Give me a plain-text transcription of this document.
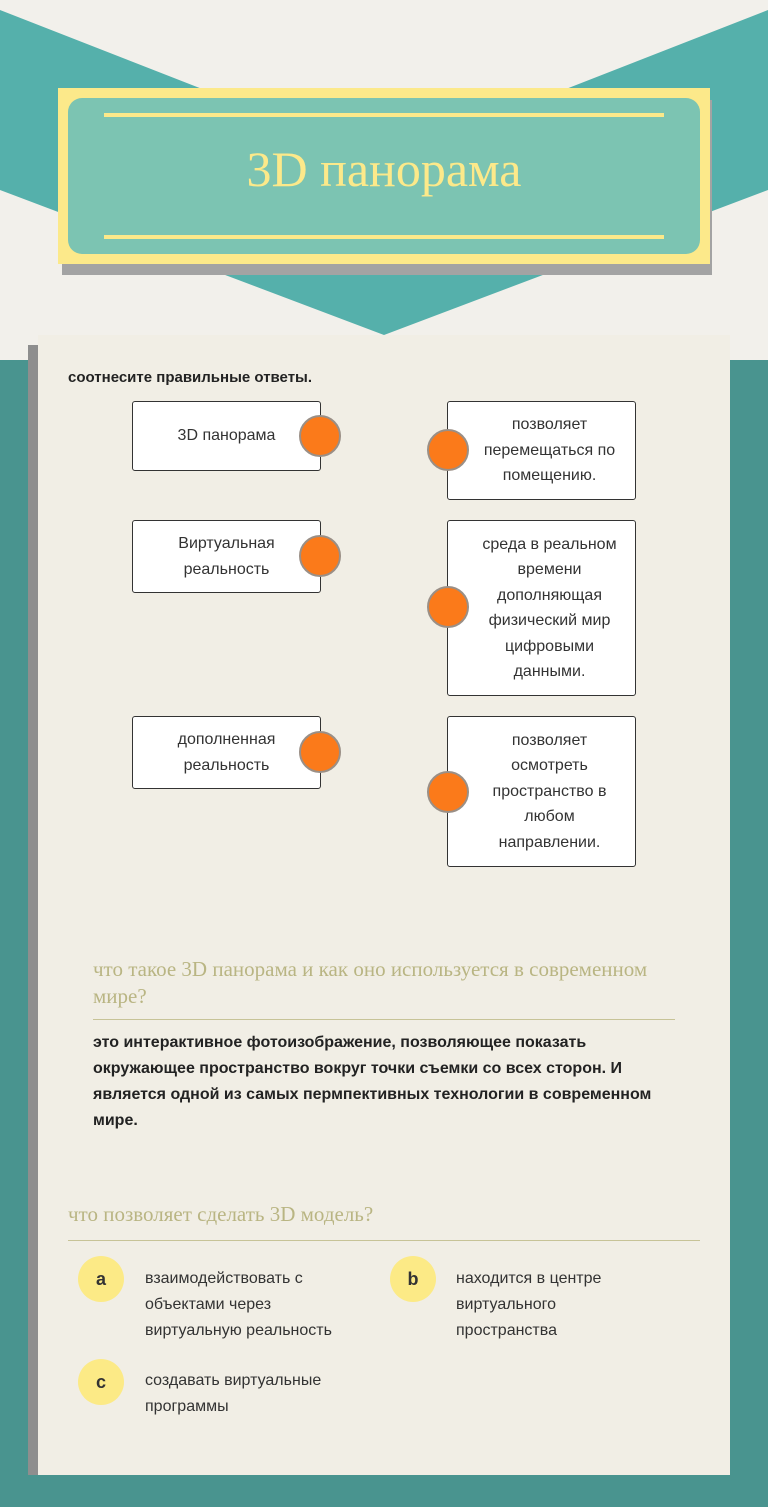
3D панорама
соотнесите правильные ответы.
3D панорама
Виртуальная реальность
дополненная реальность
позволяет перемещаться по помещению.
среда в реальном времени дополняющая физический мир цифровыми данными.
позволяет осмотреть пространство в любом направлении.
что такое 3D панорама и как оно используется в современном мире?
это интерактивное фотоизображение, позволяющее показать окружающее пространство вокруг точки съемки со всех сторон. И является одной из самых пермпективных технологии в современном мире.
что позволяет сделать 3D модель?
a	взаимодействовать с объектами через виртуальную реальность
b	находится в центре виртуального пространства
c	создавать виртуальные программы
